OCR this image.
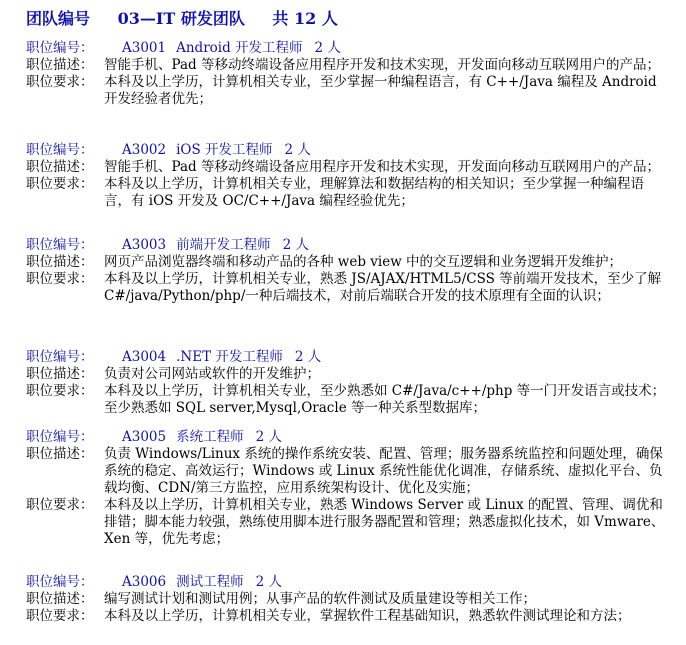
团队编号 03—IT 研发团队 共 12 人
职位编号：	A3001 Android 开发工程师 2 人
职位描述： 智能手机、Pad 等移动终端设备应用程序开发和技术实现，开发面向移动互联网用户的产品；
职位要求： 本科及以上学历，计算机相关专业，至少掌握一种编程语言，有 C++/Java 编程及 Android 开发经验者优先；
职位编号：	A3002 iOS 开发工程师 2 人
职位描述： 智能手机、Pad 等移动终端设备应用程序开发和技术实现，开发面向移动互联网用户的产品；
职位要求： 本科及以上学历，计算机相关专业，理解算法和数据结构的相关知识；至少掌握一种编程语言，有 iOS 开发及 OC/C++/Java 编程经验优先；
职位编号：	A3003 前端开发工程师 2 人
职位描述： 网页产品浏览器终端和移动产品的各种 web view 中的交互逻辑和业务逻辑开发维护；
职位要求： 本科及以上学历，计算机相关专业，熟悉 JS/AJAX/HTML5/CSS 等前端开发技术，至少了解 C#/java/Python/php/一种后端技术，对前后端联合开发的技术原理有全面的认识；
职位编号：	A3004 .NET 开发工程师 2 人
职位描述： 负责对公司网站或软件的开发维护；
职位要求： 本科及以上学历，计算机相关专业，至少熟悉如 C#/Java/c++/php 等一门开发语言或技术；至少熟悉如 SQL server,Mysql,Oracle 等一种关系型数据库；
职位编号：	A3005 系统工程师 2 人
职位描述： 负责 Windows/Linux 系统的操作系统安装、配置、管理；服务器系统监控和问题处理，确保系统的稳定、高效运行；Windows 或 Linux 系统性能优化调准，存储系统、虚拟化平台、负载均衡、CDN/第三方监控，应用系统架构设计、优化及实施；
职位要求： 本科及以上学历，计算机相关专业，熟悉 Windows Server 或 Linux 的配置、管理、调优和排错；脚本能力较强，熟练使用脚本进行服务器配置和管理；熟悉虚拟化技术，如 Vmware、Xen 等，优先考虑；
职位编号：	A3006 测试工程师 2 人
职位描述： 编写测试计划和测试用例；从事产品的软件测试及质量建设等相关工作；
职位要求： 本科及以上学历，计算机相关专业，掌握软件工程基础知识，熟悉软件测试理论和方法；
